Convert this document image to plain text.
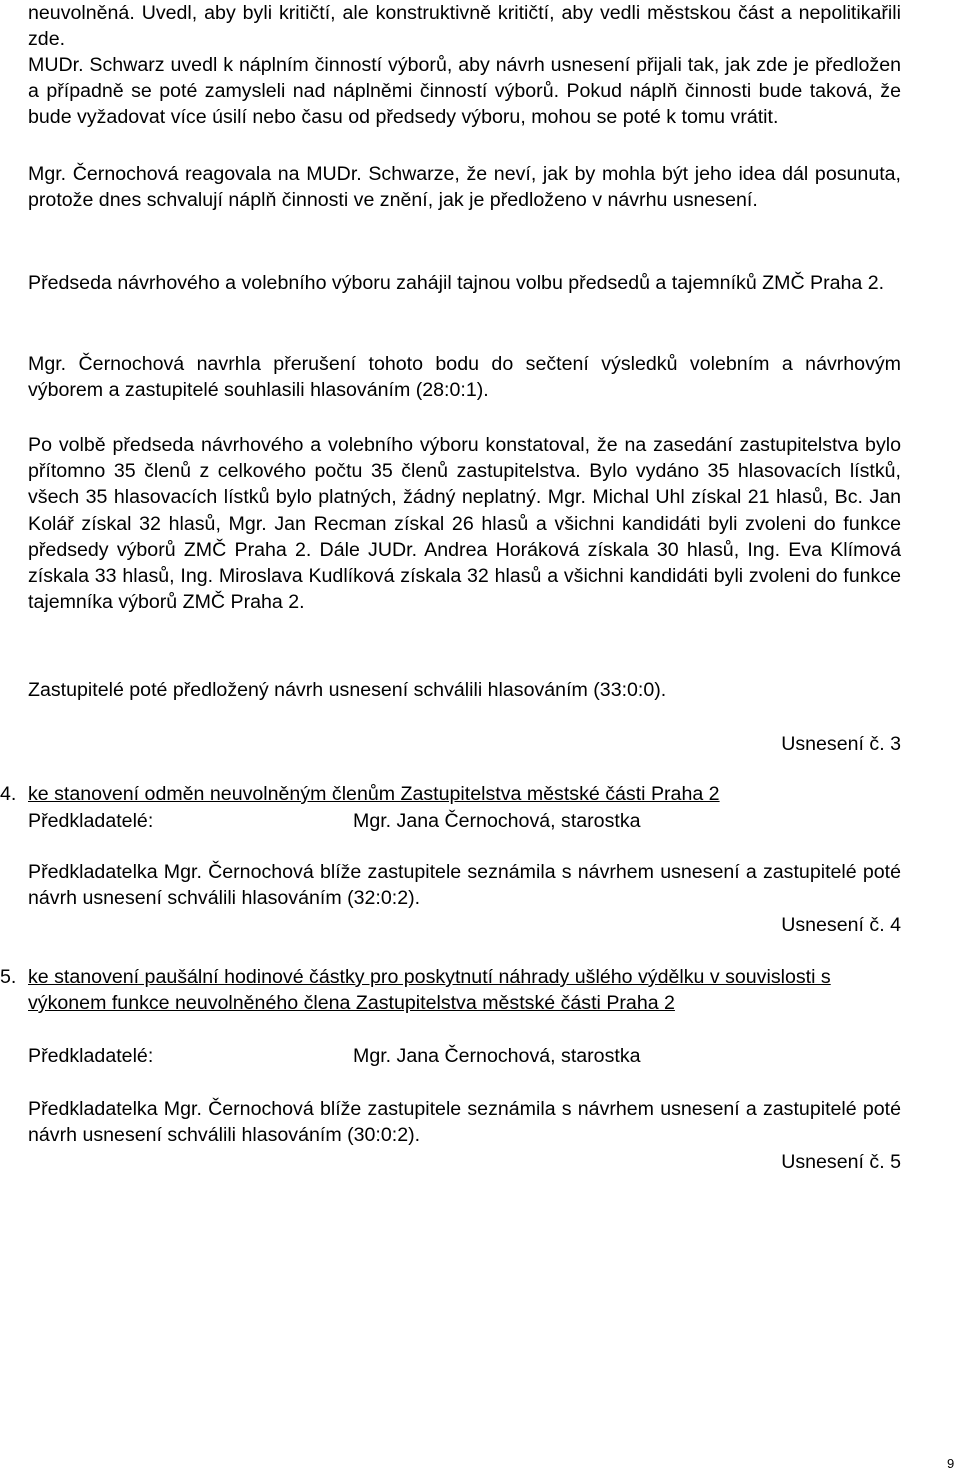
neuvolněná. Uvedl, aby byli kritičtí, ale konstruktivně kritičtí, aby vedli městskou část a nepolitikařili zde.

MUDr. Schwarz uvedl k náplním činností výborů, aby návrh usnesení přijali tak, jak zde je předložen a případně se poté zamysleli nad náplněmi činností výborů. Pokud náplň činnosti bude taková, že bude vyžadovat více úsilí nebo času od předsedy výboru, mohou se poté k tomu vrátit.

Mgr. Černochová reagovala na MUDr. Schwarze, že neví, jak by mohla být jeho idea dál posunuta, protože dnes schvalují náplň činnosti ve znění, jak je předloženo v návrhu usnesení.

Předseda návrhového a volebního výboru zahájil tajnou volbu předsedů a tajemníků ZMČ Praha 2.

Mgr. Černochová navrhla přerušení tohoto bodu do sečtení výsledků volebním a návrhovým výborem a zastupitelé souhlasili hlasováním (28:0:1).

Po volbě předseda návrhového a volebního výboru konstatoval, že na zasedání zastupitelstva bylo přítomno 35 členů z celkového počtu 35 členů zastupitelstva. Bylo vydáno 35 hlasovacích lístků, všech 35 hlasovacích lístků bylo platných, žádný neplatný. Mgr. Michal Uhl získal 21 hlasů, Bc. Jan Kolář získal 32 hlasů, Mgr. Jan Recman získal 26 hlasů a všichni kandidáti byli zvoleni do funkce předsedy výborů ZMČ Praha 2. Dále JUDr. Andrea Horáková získala 30 hlasů, Ing. Eva Klímová získala 33 hlasů, Ing. Miroslava Kudlíková získala 32 hlasů a všichni kandidáti byli zvoleni do funkce tajemníka výborů ZMČ Praha 2.

Zastupitelé poté předložený návrh usnesení schválili hlasováním (33:0:0).

Usnesení č. 3

4. ke stanovení odměn neuvolněným členům Zastupitelstva městské části Praha 2
Předkladatelé:	Mgr. Jana Černochová, starostka

Předkladatelka Mgr. Černochová blíže zastupitele seznámila s návrhem usnesení a zastupitelé poté návrh usnesení schválili hlasováním (32:0:2).

Usnesení č. 4

5. ke stanovení paušální hodinové částky pro poskytnutí náhrady ušlého výdělku v souvislosti s výkonem funkce neuvolněného člena Zastupitelstva městské části Praha 2
Předkladatelé:	Mgr. Jana Černochová, starostka

Předkladatelka Mgr. Černochová blíže zastupitele seznámila s návrhem usnesení a zastupitelé poté návrh usnesení schválili hlasováním (30:0:2).

Usnesení č. 5

9
